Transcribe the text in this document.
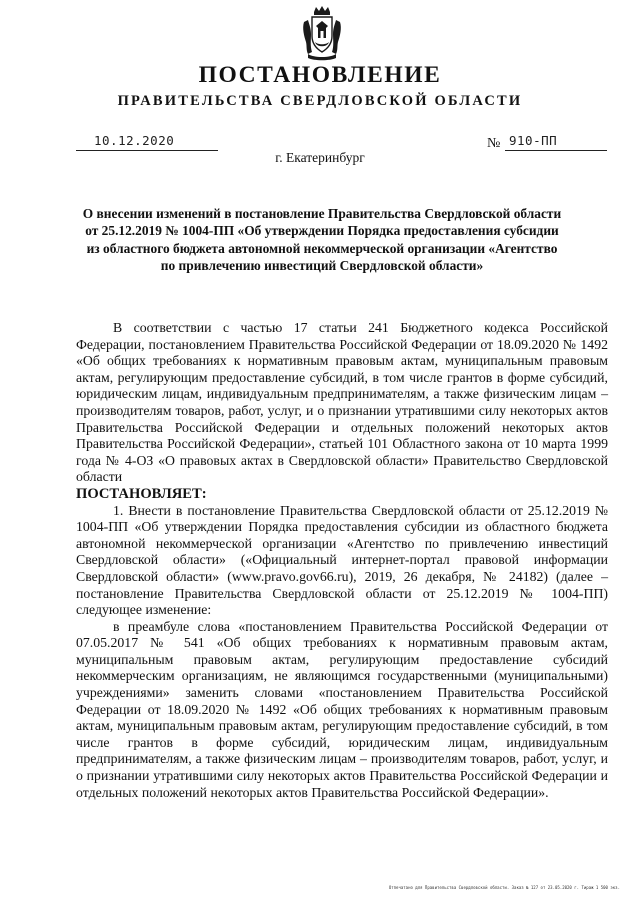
ПОСТАНОВЛЕНИЕ
ПРАВИТЕЛЬСТВА СВЕРДЛОВСКОЙ ОБЛАСТИ
10.12.2020	№ 910-ПП
г. Екатеринбург
О внесении изменений в постановление Правительства Свердловской области от 25.12.2019 № 1004-ПП «Об утверждении Порядка предоставления субсидии из областного бюджета автономной некоммерческой организации «Агентство по привлечению инвестиций Свердловской области»

В соответствии с частью 17 статьи 241 Бюджетного кодекса Российской Федерации, постановлением Правительства Российской Федерации от 18.09.2020 № 1492 «Об общих требованиях к нормативным правовым актам, муниципальным правовым актам, регулирующим предоставление субсидий, в том числе грантов в форме субсидий, юридическим лицам, индивидуальным предпринимателям, а также физическим лицам – производителям товаров, работ, услуг, и о признании утратившими силу некоторых актов Правительства Российской Федерации и отдельных положений некоторых актов Правительства Российской Федерации», статьей 101 Областного закона от 10 марта 1999 года № 4-ОЗ «О правовых актах в Свердловской области» Правительство Свердловской области

ПОСТАНОВЛЯЕТ:

1. Внести в постановление Правительства Свердловской области от 25.12.2019 № 1004-ПП «Об утверждении Порядка предоставления субсидии из областного бюджета автономной некоммерческой организации «Агентство по привлечению инвестиций Свердловской области» («Официальный интернет-портал правовой информации Свердловской области» (www.pravo.gov66.ru), 2019, 26 декабря, № 24182) (далее – постановление Правительства Свердловской области от 25.12.2019 № 1004-ПП) следующее изменение:

в преамбуле слова «постановлением Правительства Российской Федерации от 07.05.2017 № 541 «Об общих требованиях к нормативным правовым актам, муниципальным правовым актам, регулирующим предоставление субсидий некоммерческим организациям, не являющимся государственными (муниципальными) учреждениями» заменить словами «постановлением Правительства Российской Федерации от 18.09.2020 № 1492 «Об общих требованиях к нормативным правовым актам, муниципальным правовым актам, регулирующим предоставление субсидий, в том числе грантов в форме субсидий, юридическим лицам, индивидуальным предпринимателям, а также физическим лицам – производителям товаров, работ, услуг, и о признании утратившими силу некоторых актов Правительства Российской Федерации и отдельных положений некоторых актов Правительства Российской Федерации».

Отпечатано для Правительства Свердловской области. Заказ № 127 от 23.05.2020 г. Тираж 1 500 экз.
